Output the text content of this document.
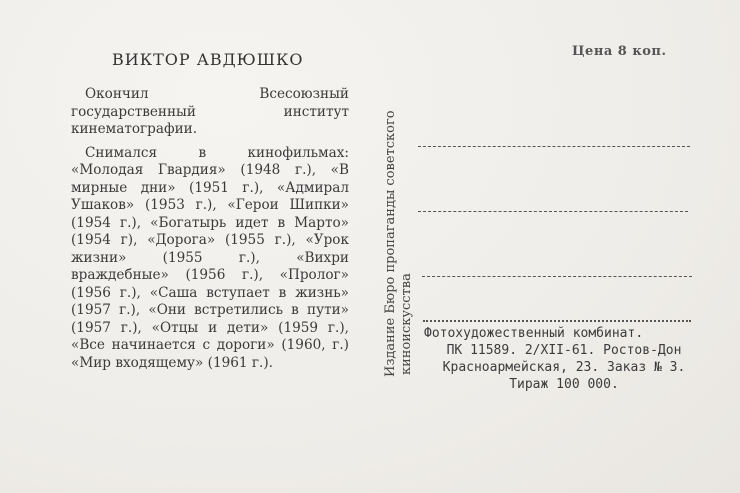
ВИКТОР АВДЮШКО

Окончил Всесоюзный государственный институт кинематографии.

Снимался в кинофильмах: «Молодая Гвардия» (1948 г.), «В мирные дни» (1951 г.), «Адмирал Ушаков» (1953 г.), «Герои Шипки» (1954 г.), «Богатырь идет в Марто» (1954 г), «Дорога» (1955 г.), «Урок жизни» (1955 г.), «Вихри враждебные» (1956 г.), «Пролог» (1956 г.), «Саша вступает в жизнь» (1957 г.), «Они встретились в пути» (1957 г.), «Отцы и дети» (1959 г.), «Все начинается с дороги» (1960, г.) «Мир входящему» (1961 г.).

Цена 8 коп.
Издание Бюро пропаганды советского киноискусства Фотохудожественный комбинат.
ПК 11589. 2/XII-61. Ростов-Дон
Красноармейская, 23. Заказ № 3.
Тираж 100 000.
